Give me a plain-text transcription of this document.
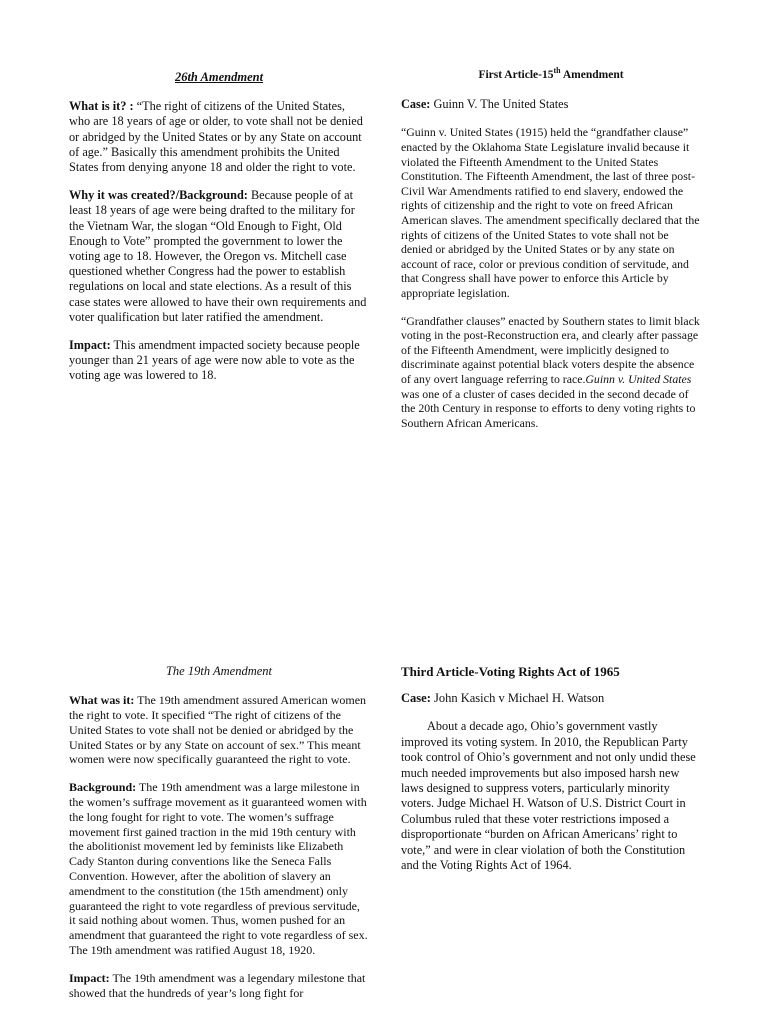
26th Amendment

What is it? : “The right of citizens of the United States, who are 18 years of age or older, to vote shall not be denied or abridged by the United States or by any State on account of age.” Basically this amendment prohibits the United States from denying anyone 18 and older the right to vote.

Why it was created?/Background: Because people of at least 18 years of age were being drafted to the military for the Vietnam War, the slogan “Old Enough to Fight, Old Enough to Vote” prompted the government to lower the voting age to 18. However, the Oregon vs. Mitchell case questioned whether Congress had the power to establish regulations on local and state elections. As a result of this case states were allowed to have their own requirements and voter qualification but later ratified the amendment.

Impact: This amendment impacted society because people younger than 21 years of age were now able to vote as the voting age was lowered to 18.

First Article-15th Amendment

Case: Guinn V. The United States

“Guinn v. United States (1915) held the “grandfather clause” enacted by the Oklahoma State Legislature invalid because it violated the Fifteenth Amendment to the United States Constitution. The Fifteenth Amendment, the last of three post-Civil War Amendments ratified to end slavery, endowed the rights of citizenship and the right to vote on freed African American slaves. The amendment specifically declared that the rights of citizens of the United States to vote shall not be denied or abridged by the United States or by any state on account of race, color or previous condition of servitude, and that Congress shall have power to enforce this Article by appropriate legislation.

“Grandfather clauses” enacted by Southern states to limit black voting in the post-Reconstruction era, and clearly after passage of the Fifteenth Amendment, were implicitly designed to discriminate against potential black voters despite the absence of any overt language referring to race.Guinn v. United States was one of a cluster of cases decided in the second decade of the 20th Century in response to efforts to deny voting rights to Southern African Americans.

The 19th Amendment

What was it: The 19th amendment assured American women the right to vote. It specified “The right of citizens of the United States to vote shall not be denied or abridged by the United States or by any State on account of sex.” This meant women were now specifically guaranteed the right to vote.

Background: The 19th amendment was a large milestone in the women’s suffrage movement as it guaranteed women with the long fought for right to vote. The women’s suffrage movement first gained traction in the mid 19th century with the abolitionist movement led by feminists like Elizabeth Cady Stanton during conventions like the Seneca Falls Convention. However, after the abolition of slavery an amendment to the constitution (the 15th amendment) only guaranteed the right to vote regardless of previous servitude, it said nothing about women. Thus, women pushed for an amendment that guaranteed the right to vote regardless of sex. The 19th amendment was ratified August 18, 1920.

Impact: The 19th amendment was a legendary milestone that showed that the hundreds of year’s long fight for

Third Article-Voting Rights Act of 1965

Case: John Kasich v Michael H. Watson

About a decade ago, Ohio’s government vastly improved its voting system. In 2010, the Republican Party took control of Ohio’s government and not only undid these much needed improvements but also imposed harsh new laws designed to suppress voters, particularly minority voters. Judge Michael H. Watson of U.S. District Court in Columbus ruled that these voter restrictions imposed a disproportionate “burden on African Americans’ right to vote,” and were in clear violation of both the Constitution and the Voting Rights Act of 1964.
